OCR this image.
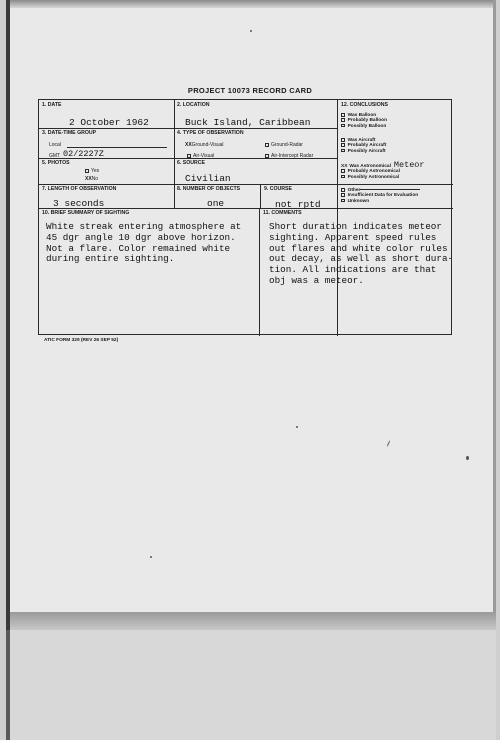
PROJECT 10073 RECORD CARD
1. DATE
2 October 1962
2. LOCATION
Buck Island, Caribbean
12. CONCLUSIONS
3. DATE-TIME GROUP
Local
GMT 02/2227Z
4. TYPE OF OBSERVATION
XXGround-Visual	Ground-Radar
Air-Visual	Air-Intercept Radar
5. PHOTOS
Yes
XXNo
6. SOURCE
Civilian
7. LENGTH OF OBSERVATION
3 seconds
8. NUMBER OF OBJECTS
one
9. COURSE
not rptd
10. BRIEF SUMMARY OF SIGHTING
White streak entering atmosphere at
45 dgr angle 10 dgr above horizon.
Not a flare. Color remained white
during entire sighting.
11. COMMENTS
Short duration indicates meteor
sighting. Apparent speed rules
out flares and white color rules
out decay, as well as short dura-
tion. All indications are that
obj was a meteor.
Was Balloon
Probably Balloon
Possibly Balloon
Was Aircraft
Probably Aircraft
Possibly Aircraft
XX Was Astronomical Meteor
Probably Astronomical
Possibly Astronomical
Other
Insufficient Data for Evaluation
Unknown
ATIC FORM 329 (REV 26 SEP 52)
